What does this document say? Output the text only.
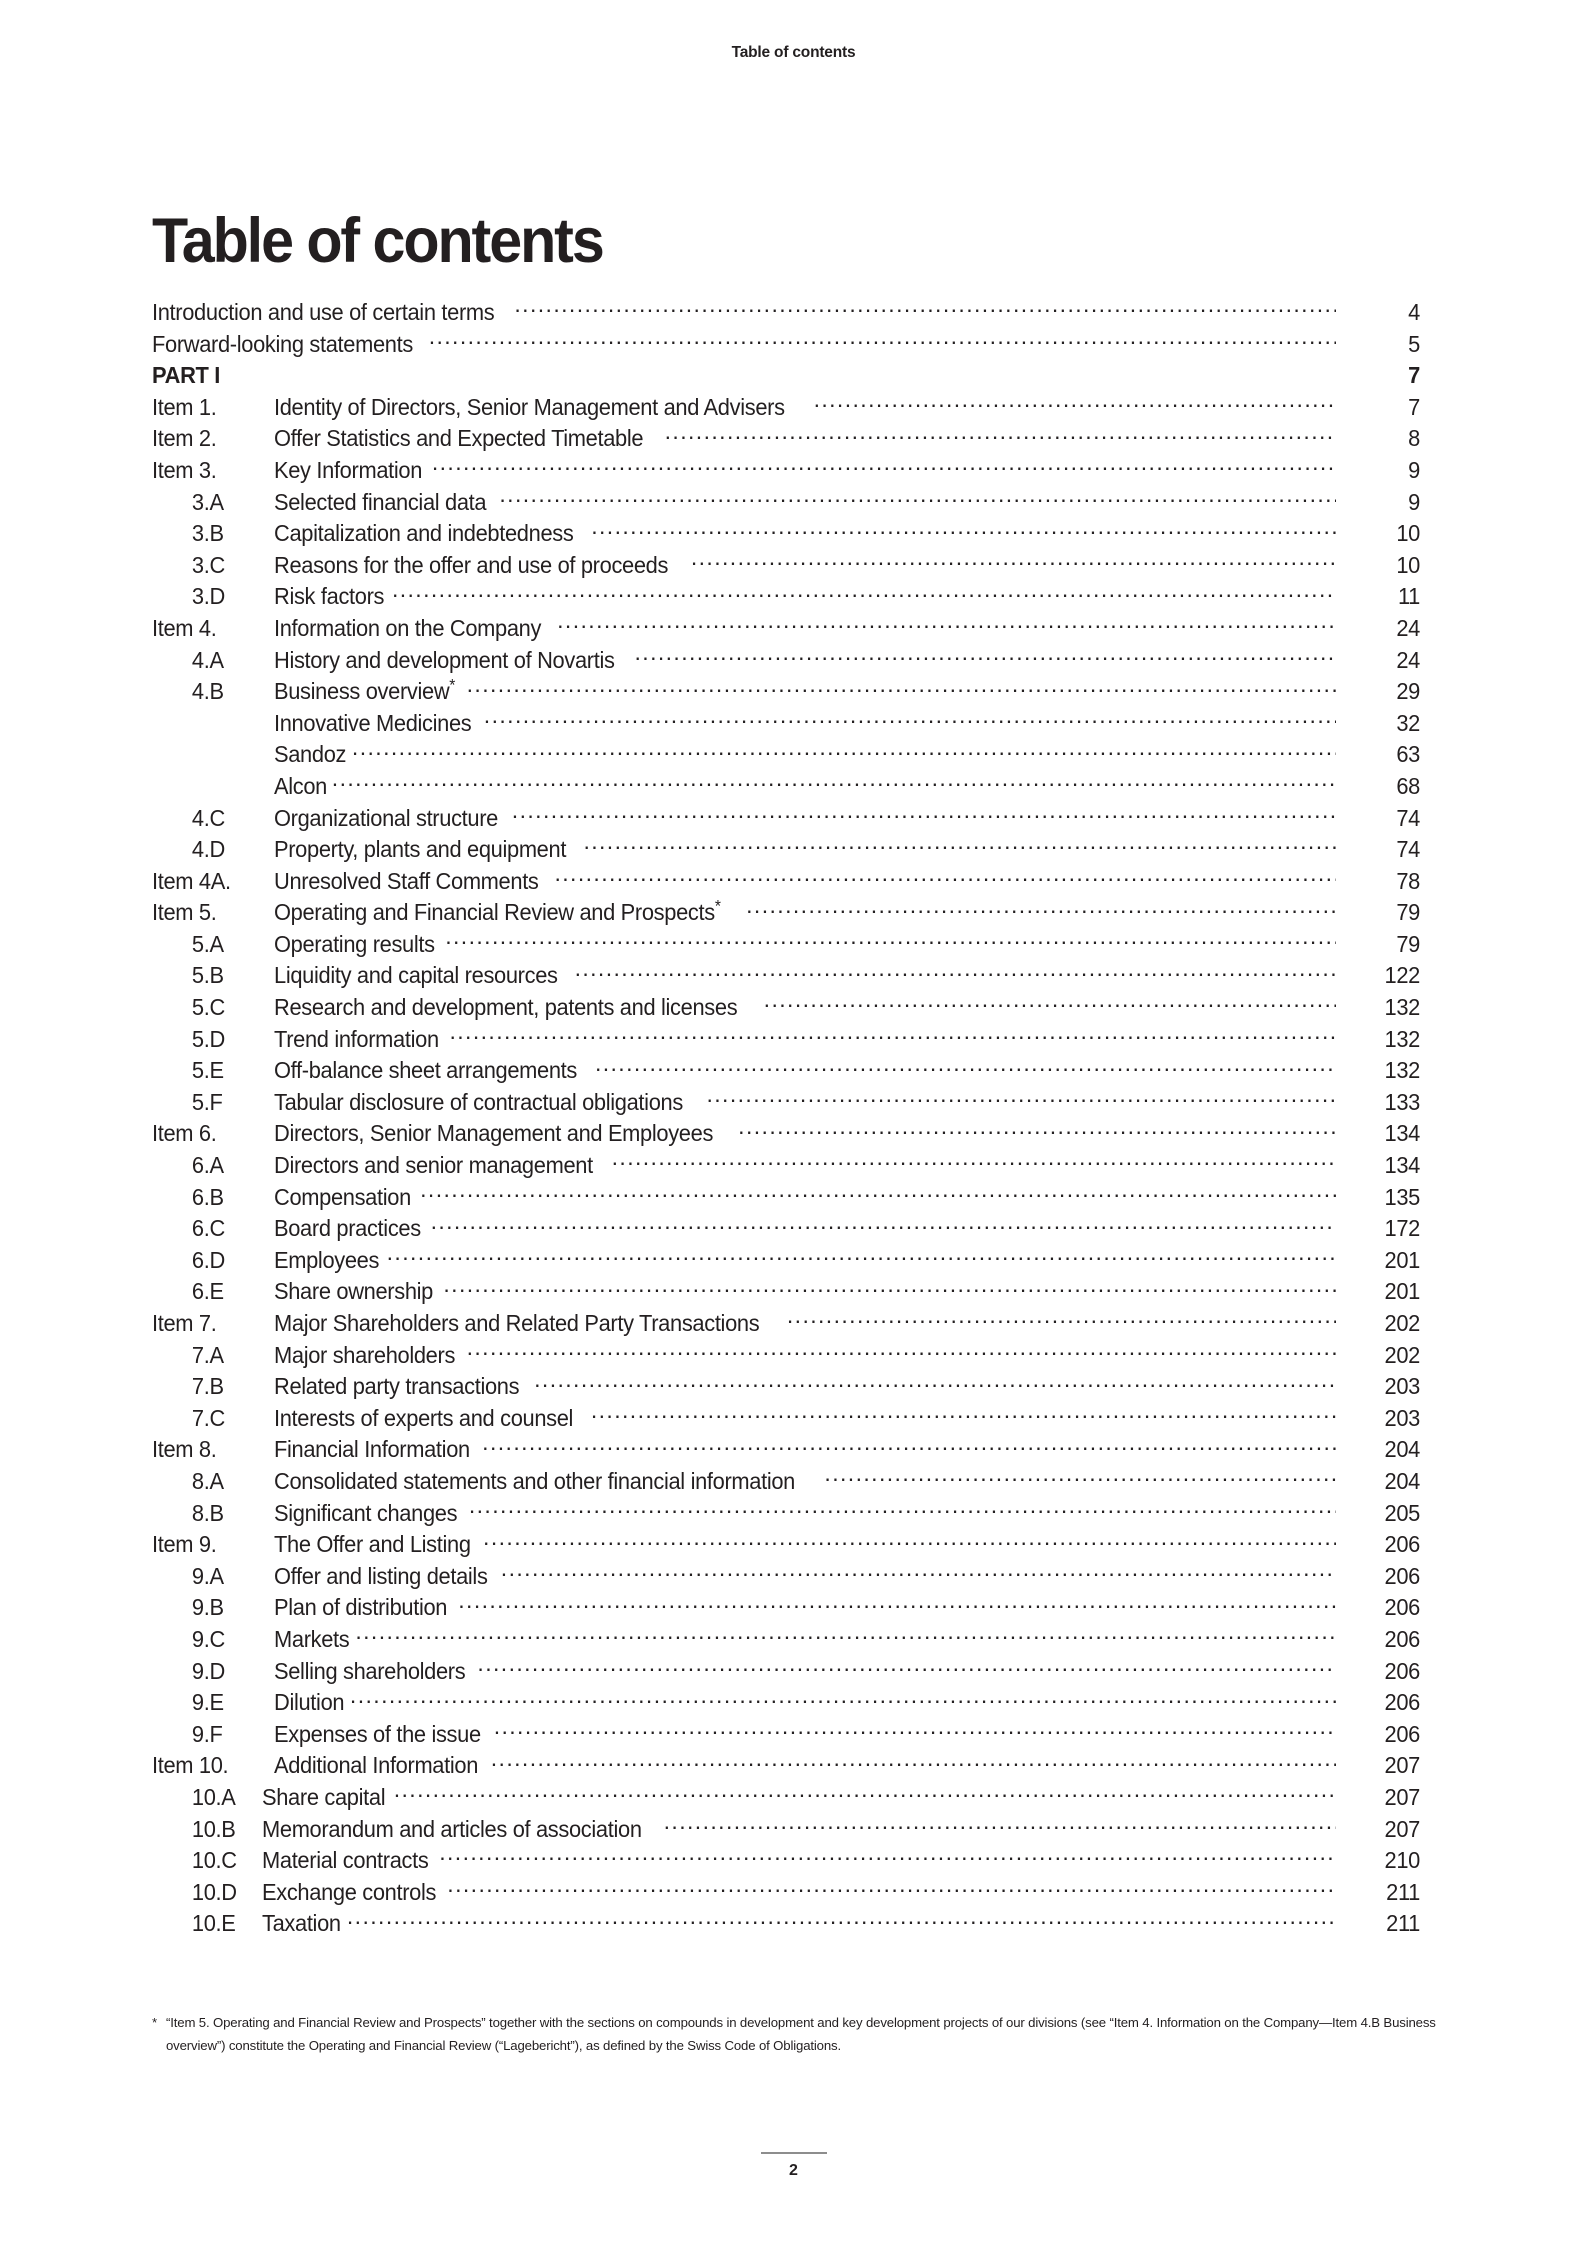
Table of contents
Table of contents
Introduction and use of certain terms .....	4
Forward-looking statements .....	5
PART I	7
Item 1.	Identity of Directors, Senior Management and Advisers .....	7
Item 2.	Offer Statistics and Expected Timetable .....	8
Item 3.	Key Information .....	9
3.A	Selected financial data .....	9
3.B	Capitalization and indebtedness .....	10
3.C	Reasons for the offer and use of proceeds .....	10
3.D	Risk factors .....	11
Item 4.	Information on the Company .....	24
4.A	History and development of Novartis .....	24
4.B	Business overview* .....	29
Innovative Medicines .....	32
Sandoz .....	63
Alcon .....	68
4.C	Organizational structure .....	74
4.D	Property, plants and equipment .....	74
Item 4A.	Unresolved Staff Comments .....	78
Item 5.	Operating and Financial Review and Prospects* .....	79
5.A	Operating results .....	79
5.B	Liquidity and capital resources .....	122
5.C	Research and development, patents and licenses .....	132
5.D	Trend information .....	132
5.E	Off-balance sheet arrangements .....	132
5.F	Tabular disclosure of contractual obligations .....	133
Item 6.	Directors, Senior Management and Employees .....	134
6.A	Directors and senior management .....	134
6.B	Compensation .....	135
6.C	Board practices .....	172
6.D	Employees .....	201
6.E	Share ownership .....	201
Item 7.	Major Shareholders and Related Party Transactions .....	202
7.A	Major shareholders .....	202
7.B	Related party transactions .....	203
7.C	Interests of experts and counsel .....	203
Item 8.	Financial Information .....	204
8.A	Consolidated statements and other financial information .....	204
8.B	Significant changes .....	205
Item 9.	The Offer and Listing .....	206
9.A	Offer and listing details .....	206
9.B	Plan of distribution .....	206
9.C	Markets .....	206
9.D	Selling shareholders .....	206
9.E	Dilution .....	206
9.F	Expenses of the issue .....	206
Item 10.	Additional Information .....	207
10.A	Share capital .....	207
10.B	Memorandum and articles of association .....	207
10.C	Material contracts .....	210
10.D	Exchange controls .....	211
10.E	Taxation .....	211
* “Item 5. Operating and Financial Review and Prospects” together with the sections on compounds in development and key development projects of our divisions (see “Item 4. Information on the Company—Item 4.B Business overview”) constitute the Operating and Financial Review (“Lagebericht”), as defined by the Swiss Code of Obligations.
2
